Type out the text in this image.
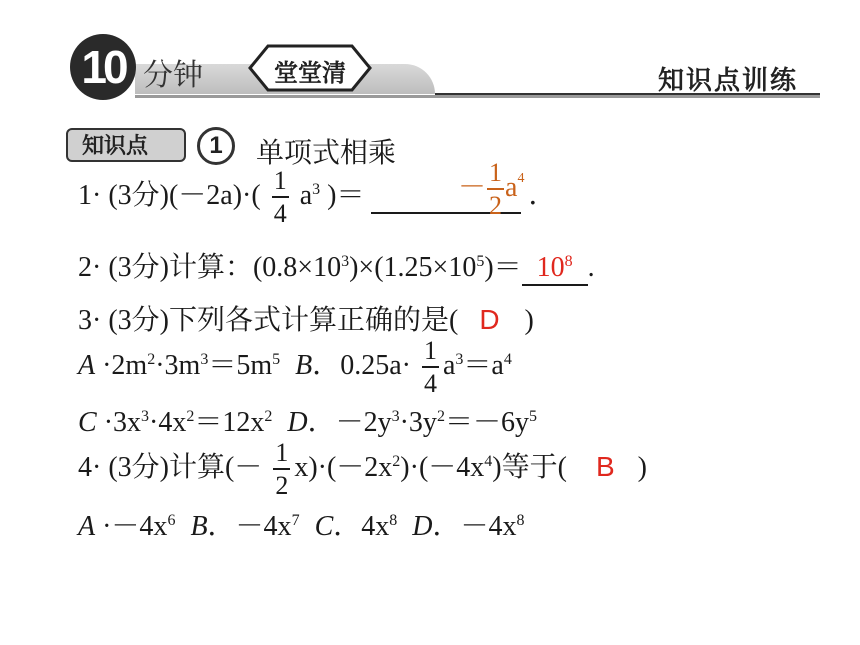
10 分钟	堂堂清	知识点训练
知识点	1	单项式相乘
1· (3分)$(-2a)\cdot( \frac{1}{4} a^3$ )＝	．
－ $\frac{1}{2} a^4$
2· (3分)计算：$(0.8\times 10^3)\times(1.25\times 10^5)= 10^8$ .
3· (3分)下列各式计算正确的是( D )
$A \cdot 2m^2\cdot 3m^3=5m^5$ B．$0.25a\cdot \frac{1}{4} a^3=a^4$
$C \cdot 3x^3\cdot 4x^2=12x^2$ D．$-2y^3\cdot 3y^2=-6y^5$
4· (3分)计算(－ $\frac{1}{2} x)\cdot(-2x^2)\cdot(-4x^4)$等于( B )
$A \cdot-4x^6$ B．$-4x^7$ C．$4x^8$ D．$-4x^8$
